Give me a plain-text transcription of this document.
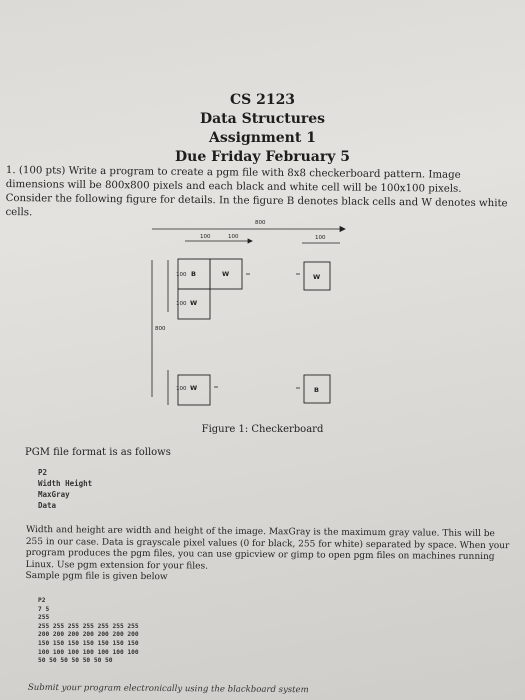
CS 2123
Data Structures
Assignment 1
Due Friday February 5
1. (100 pts) Write a program to create a pgm file with 8x8 checkerboard pattern. Image dimensions will be 800x800 pixels and each black and white cell will be 100x100 pixels. Consider the following figure for details. In the figure B denotes black cells and W denotes white cells.
800
100	100	100
800
100 B	W	W
100 W
100 W	B
Figure 1: Checkerboard
PGM file format is as follows
P2
Width Height
MaxGray
Data
Width and height are width and height of the image. MaxGray is the maximum gray value. This will be 255 in our case. Data is grayscale pixel values (0 for black, 255 for white) separated by space. When your program produces the pgm files, you can use gpicview or gimp to open pgm files on machines running Linux. Use pgm extension for your files.
Sample pgm file is given below
P2
7 5
255
255 255 255 255 255 255 255
200 200 200 200 200 200 200
150 150 150 150 150 150 150
100 100 100 100 100 100 100
50 50 50 50 50 50 50
Submit your program electronically using the blackboard system
